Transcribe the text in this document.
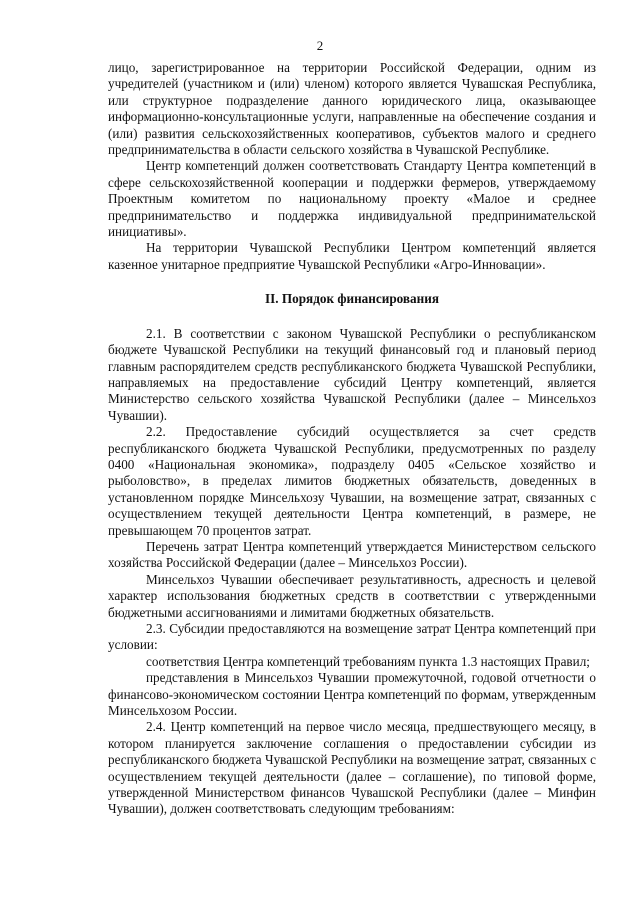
2

лицо, зарегистрированное на территории Российской Федерации, одним из учредителей (участником и (или) членом) которого является Чувашская Республика, или структурное подразделение данного юридического лица, оказывающее информационно-консультационные услуги, направленные на обеспечение создания и (или) развития сельскохозяйственных кооперативов, субъектов малого и среднего предпринимательства в области сельского хозяйства в Чувашской Республике.

Центр компетенций должен соответствовать Стандарту Центра компетенций в сфере сельскохозяйственной кооперации и поддержки фермеров, утверждаемому Проектным комитетом по национальному проекту «Малое и среднее предпринимательство и поддержка индивидуальной предпринимательской инициативы».

На территории Чувашской Республики Центром компетенций является казенное унитарное предприятие Чувашской Республики «Агро-Инновации».

II. Порядок финансирования

2.1. В соответствии с законом Чувашской Республики о республиканском бюджете Чувашской Республики на текущий финансовый год и плановый период главным распорядителем средств республиканского бюджета Чувашской Республики, направляемых на предоставление субсидий Центру компетенций, является Министерство сельского хозяйства Чувашской Республики (далее – Минсельхоз Чувашии).

2.2. Предоставление субсидий осуществляется за счет средств республиканского бюджета Чувашской Республики, предусмотренных по разделу 0400 «Национальная экономика», подразделу 0405 «Сельское хозяйство и рыболовство», в пределах лимитов бюджетных обязательств, доведенных в установленном порядке Минсельхозу Чувашии, на возмещение затрат, связанных с осуществлением текущей деятельности Центра компетенций, в размере, не превышающем 70 процентов затрат.

Перечень затрат Центра компетенций утверждается Министерством сельского хозяйства Российской Федерации (далее – Минсельхоз России).

Минсельхоз Чувашии обеспечивает результативность, адресность и целевой характер использования бюджетных средств в соответствии с утвержденными бюджетными ассигнованиями и лимитами бюджетных обязательств.

2.3. Субсидии предоставляются на возмещение затрат Центра компетенций при условии:

соответствия Центра компетенций требованиям пункта 1.3 настоящих Правил;

представления в Минсельхоз Чувашии промежуточной, годовой отчетности о финансово-экономическом состоянии Центра компетенций по формам, утвержденным Минсельхозом России.

2.4. Центр компетенций на первое число месяца, предшествующего месяцу, в котором планируется заключение соглашения о предоставлении субсидии из республиканского бюджета Чувашской Республики на возмещение затрат, связанных с осуществлением текущей деятельности (далее – соглашение), по типовой форме, утвержденной Министерством финансов Чувашской Республики (далее – Минфин Чувашии), должен соответствовать следующим требованиям:
